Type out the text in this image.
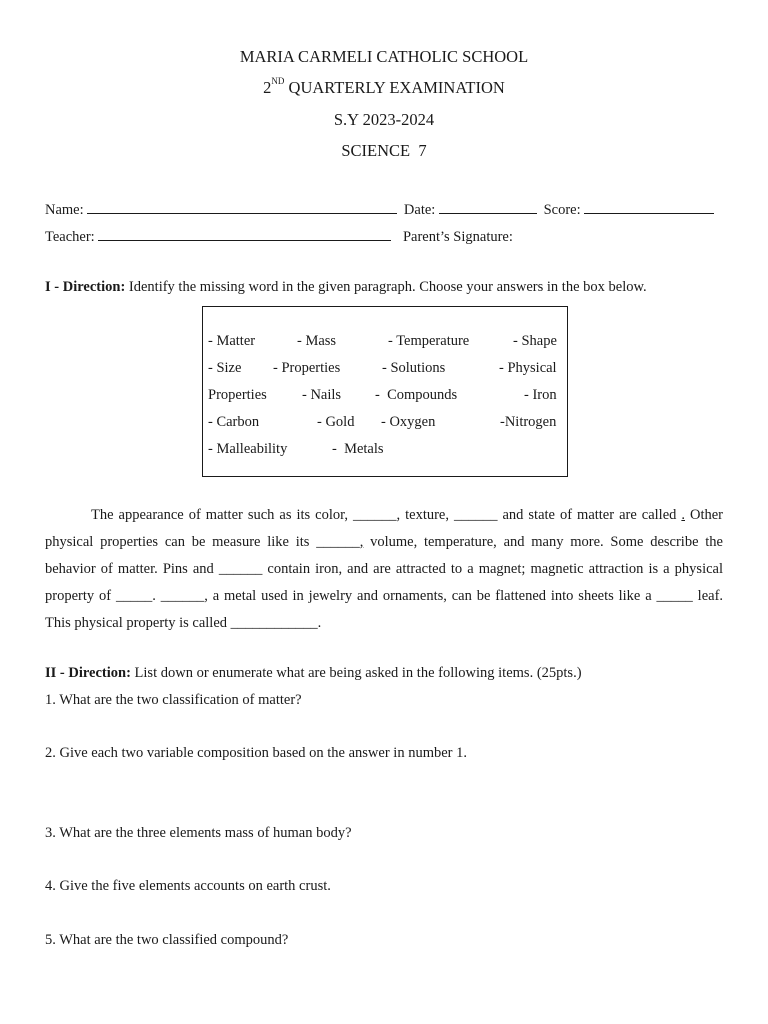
MARIA CARMELI CATHOLIC SCHOOL
2ND QUARTERLY EXAMINATION
S.Y 2023-2024
SCIENCE  7
Name:	Date:	Score:
Teacher:	Parent’s Signature:
I - Direction: Identify the missing word in the given paragraph. Choose your answers in the box below.
- Matter	- Mass	- Temperature	- Shape
- Size - Properties	- Solutions	- Physical
Properties - Nails -  Compounds	- Iron
- Carbon	- Gold - Oxygen	-Nitrogen
- Malleability	-  Metals
The appearance of matter such as its color, ______, texture, ______ and state of matter are called . Other physical properties can be measure like its ______, volume, temperature, and many more. Some describe the behavior of matter. Pins and ______ contain iron, and are attracted to a magnet; magnetic attraction is a physical property of _____. ______, a metal used in jewelry and ornaments, can be flattened into sheets like a _____ leaf. This physical property is called ____________.
II - Direction: List down or enumerate what are being asked in the following items. (25pts.)
1. What are the two classification of matter?
2. Give each two variable composition based on the answer in number 1.
3. What are the three elements mass of human body?
4. Give the five elements accounts on earth crust.
5. What are the two classified compound?
